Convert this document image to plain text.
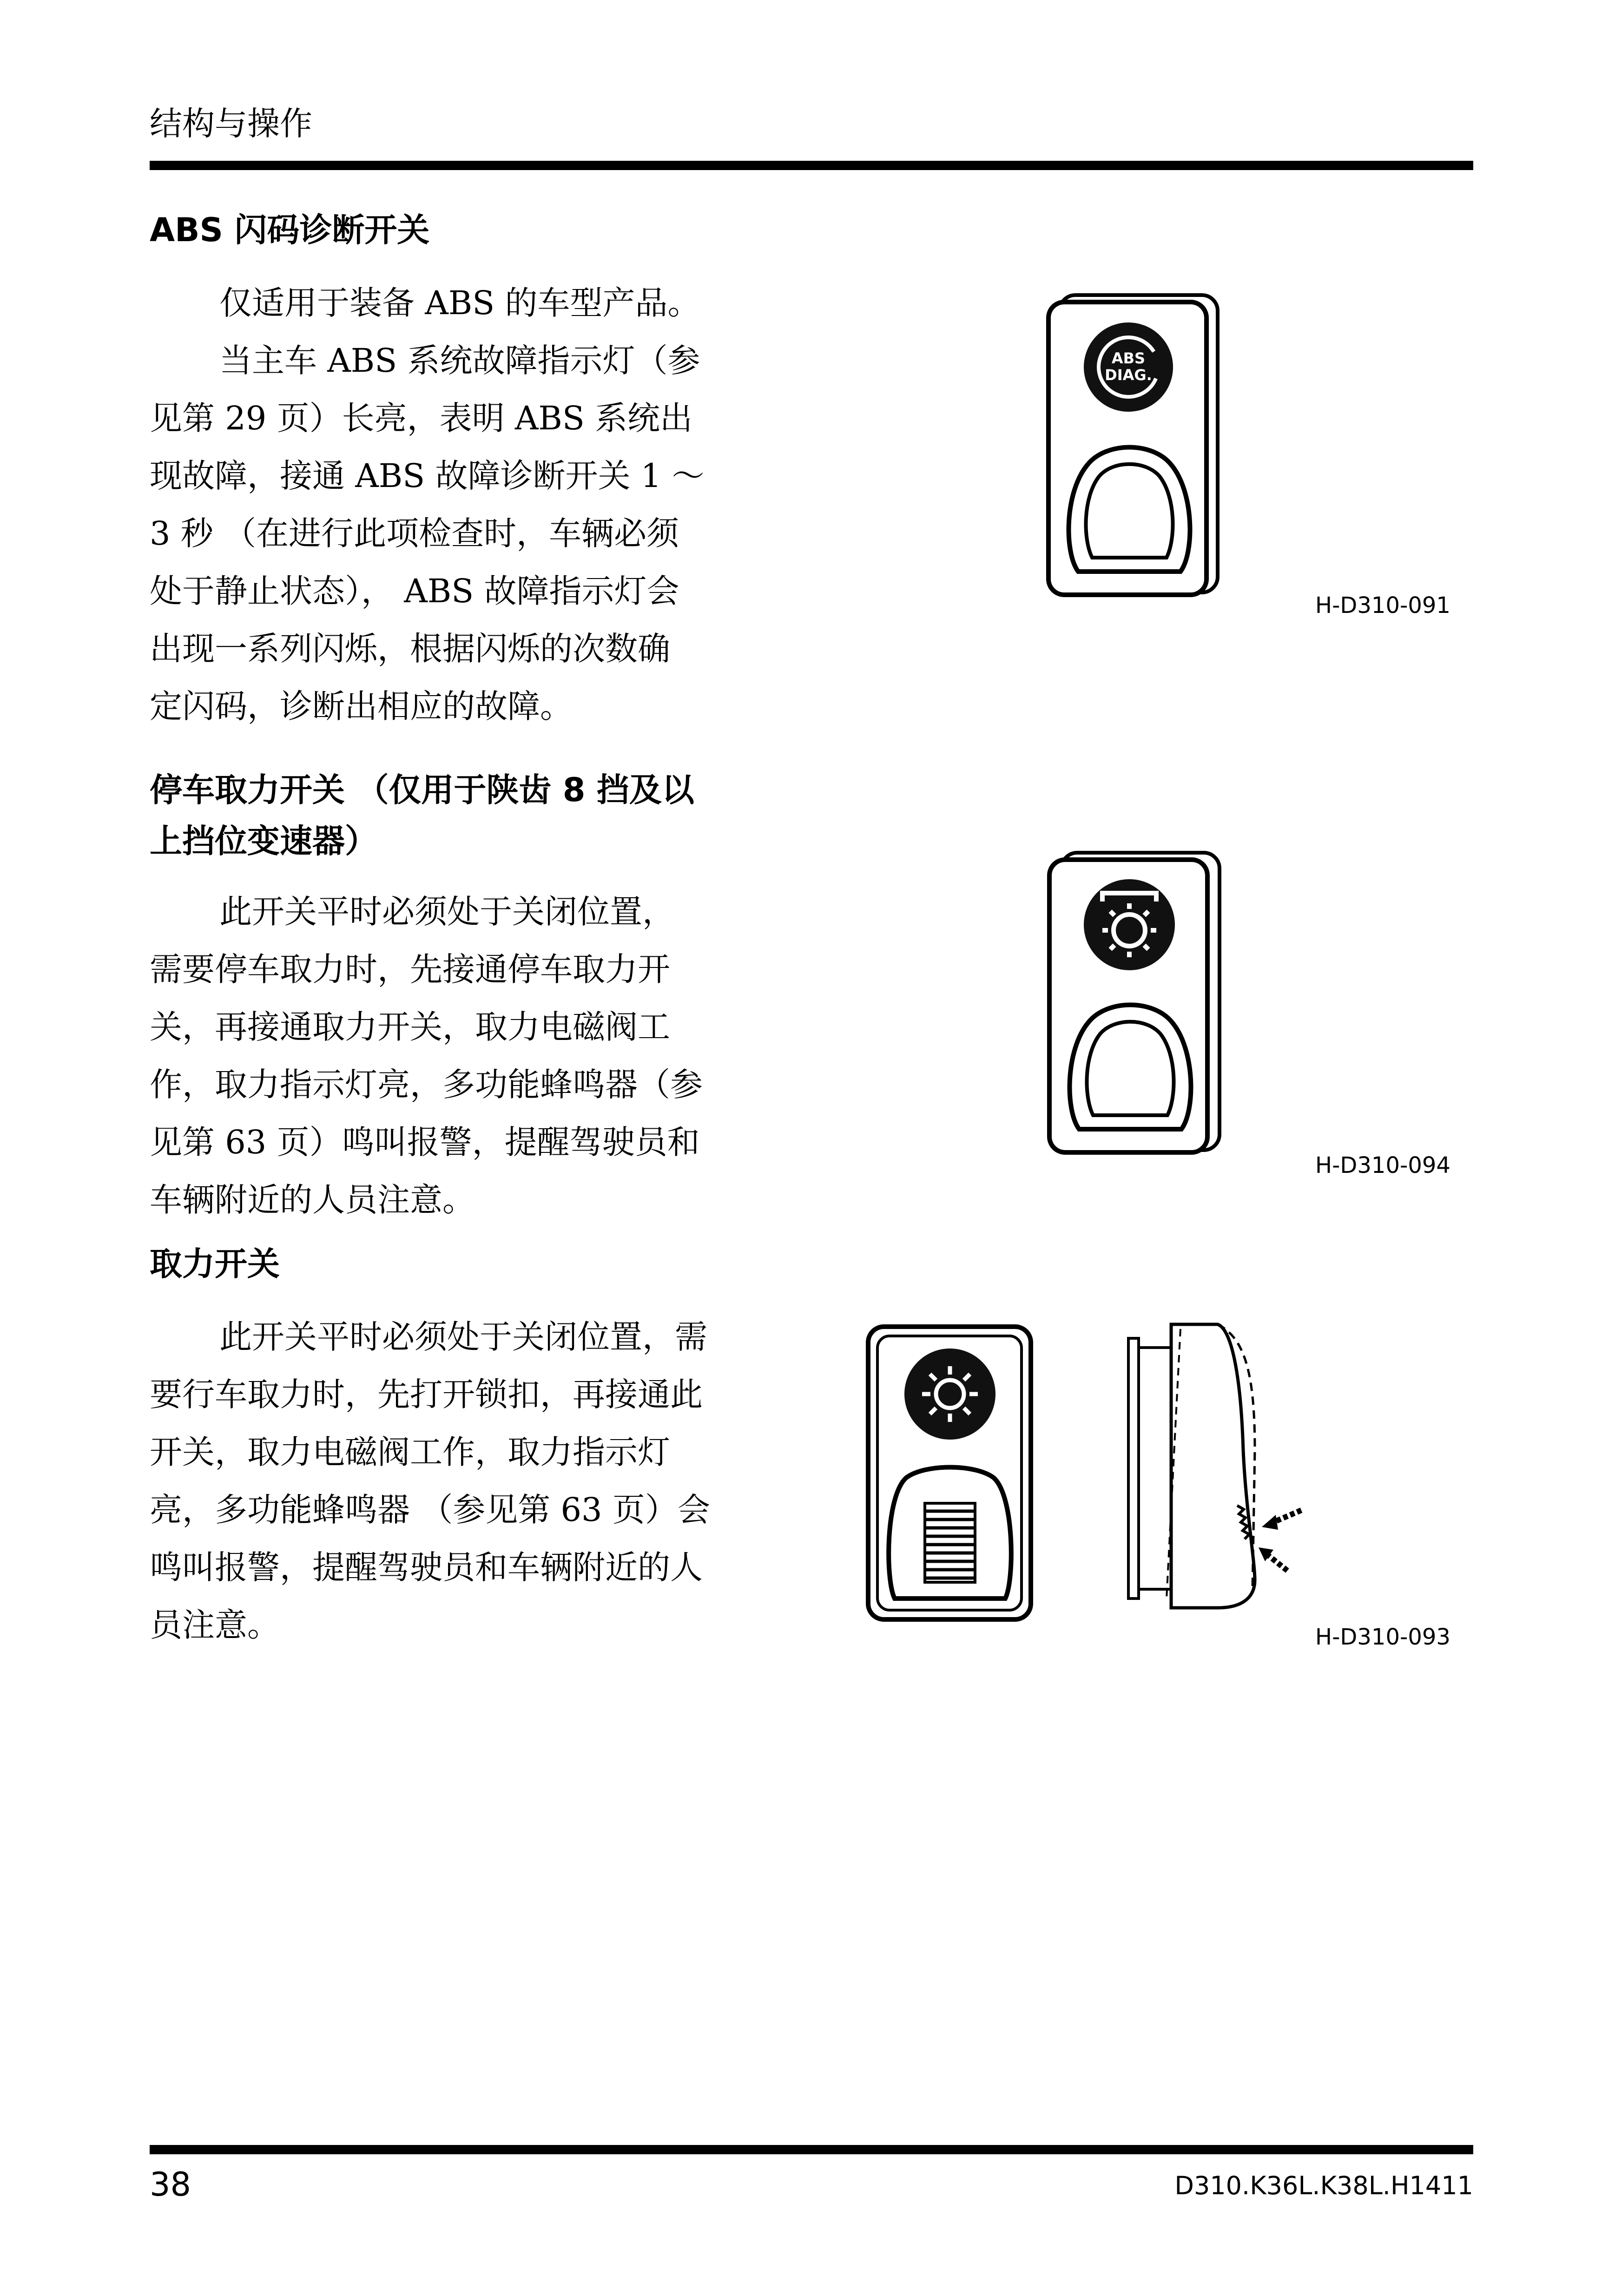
结构与操作
ABS 闪码诊断开关
仅适用于装备 ABS 的车型产品。
当主车 ABS 系统故障指示灯（参
见第 29 页）长亮，表明 ABS 系统出
现故障，接通 ABS 故障诊断开关 1 ～
3 秒 （在进行此项检查时，车辆必须
处于静止状态）， ABS 故障指示灯会
出现一系列闪烁，根据闪烁的次数确
定闪码，诊断出相应的故障。
ABS
DIAG.
H-D310-091
停车取力开关 （仅用于陕齿 8 挡及以
上挡位变速器）
此开关平时必须处于关闭位置，
需要停车取力时，先接通停车取力开
关，再接通取力开关，取力电磁阀工
作，取力指示灯亮，多功能蜂鸣器（参
见第 63 页）鸣叫报警，提醒驾驶员和
车辆附近的人员注意。
H-D310-094
取力开关
此开关平时必须处于关闭位置，需
要行车取力时，先打开锁扣，再接通此
开关，取力电磁阀工作，取力指示灯
亮，多功能蜂鸣器 （参见第 63 页）会
鸣叫报警，提醒驾驶员和车辆附近的人
员注意。	H-D310-093
38	D310.K36L.K38L.H1411
